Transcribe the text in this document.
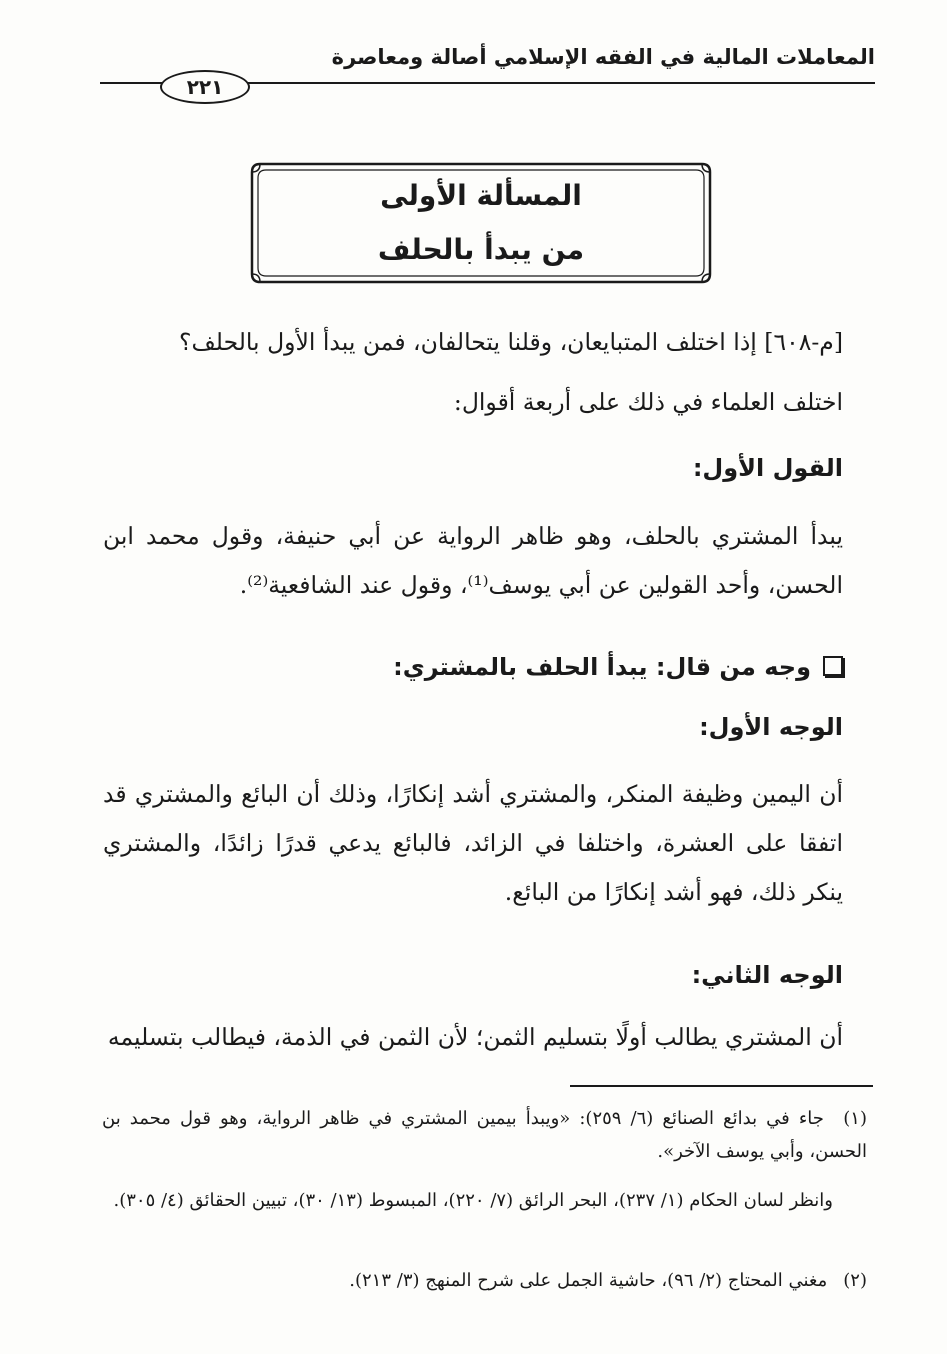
المعاملات المالية في الفقه الإسلامي أصالة ومعاصرة
٢٢١
المسألة الأولى
من يبدأ بالحلف
[م-٦٠٨] إذا اختلف المتبايعان، وقلنا يتحالفان، فمن يبدأ الأول بالحلف؟
اختلف العلماء في ذلك على أربعة أقوال:
القول الأول:
يبدأ المشتري بالحلف، وهو ظاهر الرواية عن أبي حنيفة، وقول محمد ابن الحسن، وأحد القولين عن أبي يوسف⁽¹⁾، وقول عند الشافعية⁽²⁾.
وجه من قال: يبدأ الحلف بالمشتري:
الوجه الأول:
أن اليمين وظيفة المنكر، والمشتري أشد إنكارًا، وذلك أن البائع والمشتري قد اتفقا على العشرة، واختلفا في الزائد، فالبائع يدعي قدرًا زائدًا، والمشتري ينكر ذلك، فهو أشد إنكارًا من البائع.
الوجه الثاني:
أن المشتري يطالب أولًا بتسليم الثمن؛ لأن الثمن في الذمة، فيطالب بتسليمه
(١) جاء في بدائع الصنائع (٦/ ٢٥٩): «ويبدأ بيمين المشتري في ظاهر الرواية، وهو قول محمد بن الحسن، وأبي يوسف الآخر».
وانظر لسان الحكام (١/ ٢٣٧)، البحر الرائق (٧/ ٢٢٠)، المبسوط (١٣/ ٣٠)، تبيين الحقائق (٤/ ٣٠٥).
(٢) مغني المحتاج (٢/ ٩٦)، حاشية الجمل على شرح المنهج (٣/ ٢١٣).
